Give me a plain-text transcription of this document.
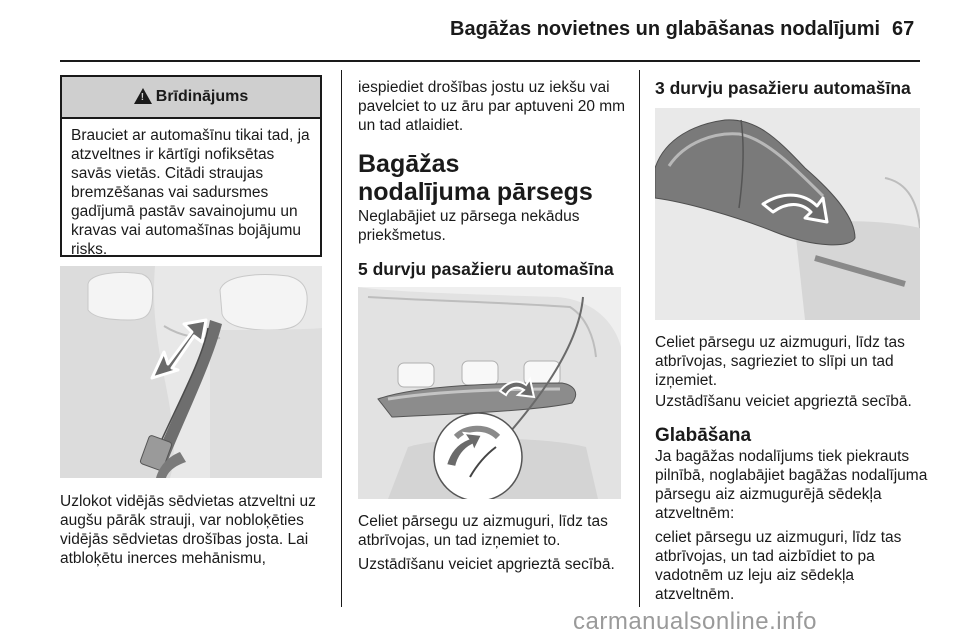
Bagāžas novietnes un glabāšanas nodalījumi 67
! Brīdinājums
Brauciet ar automašīnu tikai tad, ja atzveltnes ir kārtīgi nofiksētas savās vietās. Citādi straujas bremzēšanas vai sadursmes gadījumā pastāv savainojumu un kravas vai automašīnas bojājumu risks.
Uzlokot vidējās sēdvietas atzveltni uz augšu pārāk strauji, var nobloķēties vidējās sēdvietas drošības josta. Lai atbloķētu inerces mehānismu,
iespiediet drošības jostu uz iekšu vai pavelciet to uz āru par aptuveni 20 mm un tad atlaidiet.
Bagāžas nodalījuma pārsegs
Neglabājiet uz pārsega nekādus priekšmetus.
5 durvju pasažieru automašīna
Celiet pārsegu uz aizmuguri, līdz tas atbrīvojas, un tad izņemiet to.
Uzstādīšanu veiciet apgrieztā secībā.
3 durvju pasažieru automašīna
Celiet pārsegu uz aizmuguri, līdz tas atbrīvojas, sagrieziet to slīpi un tad izņemiet.
Uzstādīšanu veiciet apgrieztā secībā.
Glabāšana
Ja bagāžas nodalījums tiek piekrauts pilnībā, noglabājiet bagāžas nodalījuma pārsegu aiz aizmugurējā sēdekļa atzveltnēm:
celiet pārsegu uz aizmuguri, līdz tas atbrīvojas, un tad aizbīdiet to pa vadotnēm uz leju aiz sēdekļa atzveltnēm.
carmanualsonline.info
